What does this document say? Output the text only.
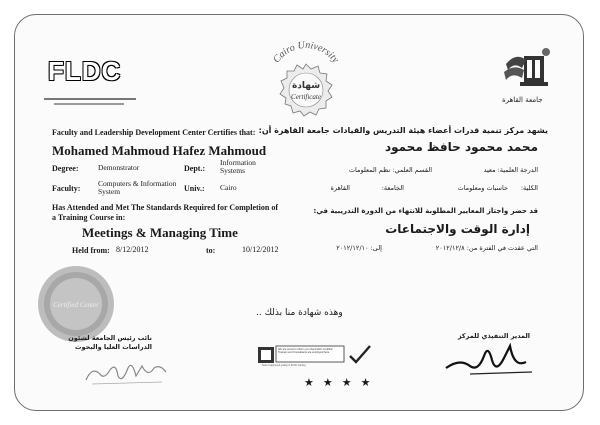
FLDC	Cairo University
شهادة
Certificate	جامعة القاهرة
Faculty and Leadership Development Center Certifies that: يشهد مركز تنمية قدرات أعضاء هيئة التدريس والقيادات جامعة القاهرة أن:
Mohamed Mahmoud Hafez Mahmoud	محمد محمود حافظ محمود
Degree:	Demonstrator	Dept.:
Information Systems
Faculty:
Computers & Information System	Univ.: Cairo
الدرجة العلمية: معيد
القسم العلمي: نظم المعلومات
الكلية:
حاسبات ومعلومات
الجامعة:
القاهرة
Has Attended and Met The Standards Required for Completion of a Training Course in:
قد حضر واجتاز المعايير المطلوبة للانتهاء من الدورة التدريبية في:
Meetings & Managing Time	إدارة الوقت والاجتماعات
Held from: 8/12/2012	to:	10/12/2012	التي عقدت في الفترة من: ٢٠١٢/١٢/٨
إلى: ٢٠١٢/١٢/١٠
Certified Center
وهذه شهادة منا بذلك ..
نائب رئيس الجامعة لشئون الدراسات العليا والبحوث
المدير التنفيذي للمركز
We are proud to inform you that FLDC Certified Trainers and Consultants are employed here
Seal of approved quality in FLDC training
★★★★
